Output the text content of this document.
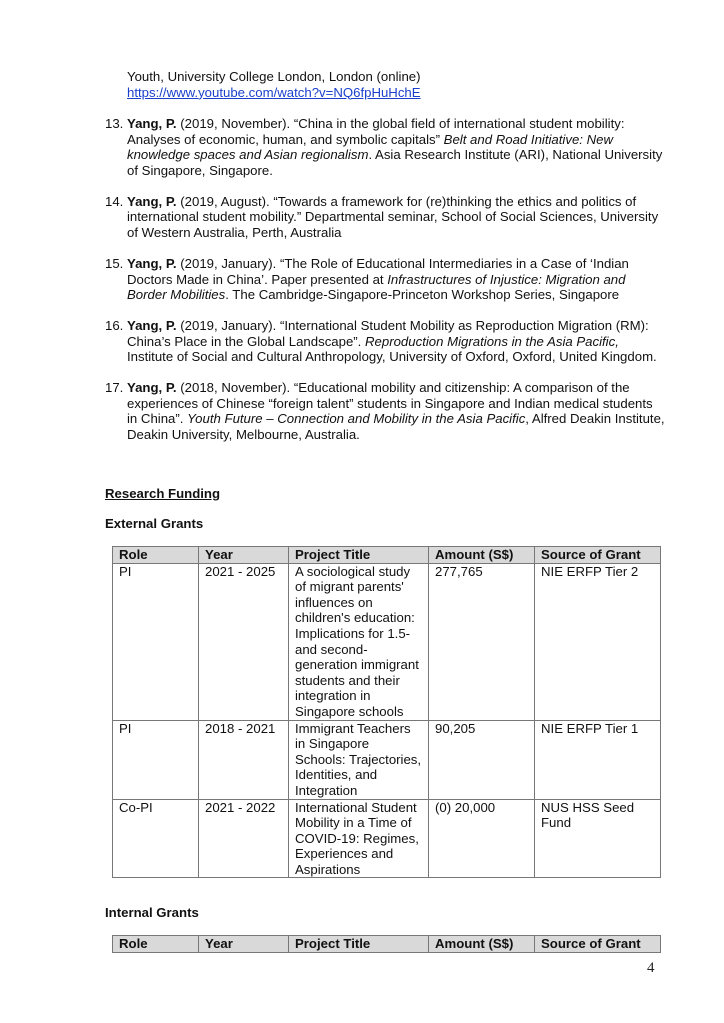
Youth, University College London, London (online)
https://www.youtube.com/watch?v=NQ6fpHuHchE
13. Yang, P. (2019, November). “China in the global field of international student mobility: Analyses of economic, human, and symbolic capitals” Belt and Road Initiative: New knowledge spaces and Asian regionalism. Asia Research Institute (ARI), National University of Singapore, Singapore.
14. Yang, P. (2019, August). “Towards a framework for (re)thinking the ethics and politics of international student mobility.” Departmental seminar, School of Social Sciences, University of Western Australia, Perth, Australia
15. Yang, P. (2019, January). “The Role of Educational Intermediaries in a Case of ‘Indian Doctors Made in China’. Paper presented at Infrastructures of Injustice: Migration and Border Mobilities. The Cambridge-Singapore-Princeton Workshop Series, Singapore
16. Yang, P. (2019, January). “International Student Mobility as Reproduction Migration (RM): China’s Place in the Global Landscape”. Reproduction Migrations in the Asia Pacific, Institute of Social and Cultural Anthropology, University of Oxford, Oxford, United Kingdom.
17. Yang, P. (2018, November). “Educational mobility and citizenship: A comparison of the experiences of Chinese “foreign talent” students in Singapore and Indian medical students in China”. Youth Future – Connection and Mobility in the Asia Pacific, Alfred Deakin Institute, Deakin University, Melbourne, Australia.
Research Funding
External Grants
Role	Year	Project Title	Amount (S$)	Source of Grant
PI	2021 - 2025	A sociological study of migrant parents' influences on children's education: Implications for 1.5- and second-generation immigrant students and their integration in Singapore schools	277,765	NIE ERFP Tier 2
PI	2018 - 2021	Immigrant Teachers in Singapore Schools: Trajectories, Identities, and Integration	90,205	NIE ERFP Tier 1
Co-PI	2021 - 2022	International Student Mobility in a Time of COVID-19: Regimes, Experiences and Aspirations	(0) 20,000	NUS HSS Seed Fund
Internal Grants
Role	Year	Project Title	Amount (S$)	Source of Grant
4
